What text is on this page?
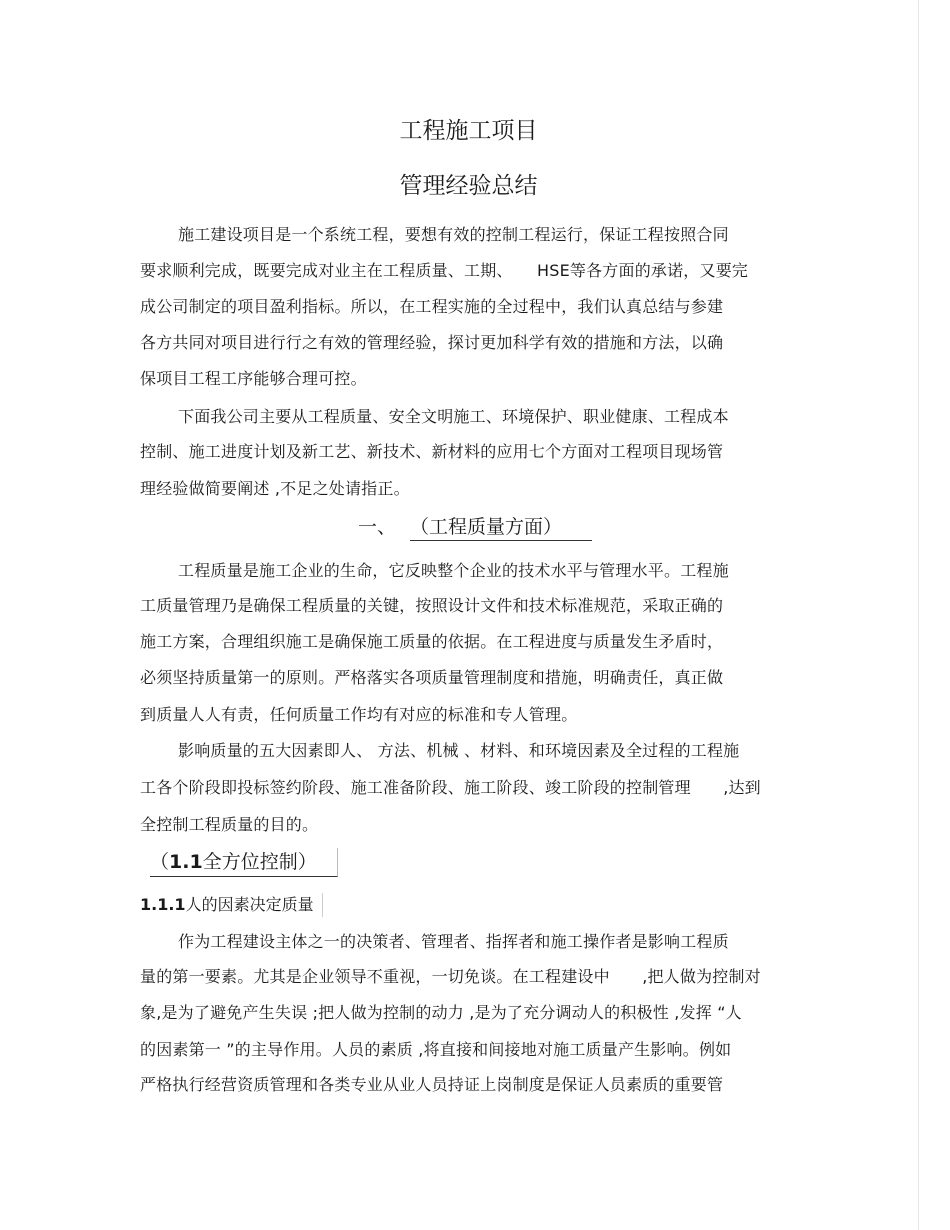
工程施工项目
管理经验总结
施工建设项目是一个系统工程，要想有效的控制工程运行，保证工程按照合同
要求顺利完成，既要完成对业主在工程质量、工期、　　HSE等各方面的承诺，又要完
成公司制定的项目盈利指标。所以，在工程实施的全过程中，我们认真总结与参建
各方共同对项目进行行之有效的管理经验，探讨更加科学有效的措施和方法，以确
保项目工程工序能够合理可控。
下面我公司主要从工程质量、安全文明施工、环境保护、职业健康、工程成本
控制、施工进度计划及新工艺、新技术、新材料的应用七个方面对工程项目现场管
理经验做简要阐述 ,不足之处请指正。
一、 （工程质量方面）
工程质量是施工企业的生命，它反映整个企业的技术水平与管理水平。工程施
工质量管理乃是确保工程质量的关键，按照设计文件和技术标准规范，采取正确的
施工方案，合理组织施工是确保施工质量的依据。在工程进度与质量发生矛盾时，
必须坚持质量第一的原则。严格落实各项质量管理制度和措施，明确责任，真正做
到质量人人有责，任何质量工作均有对应的标准和专人管理。
影响质量的五大因素即人、 方法、机械 、材料、和环境因素及全过程的工程施
工各个阶段即投标签约阶段、施工准备阶段、施工阶段、竣工阶段的控制管理　　,达到
全控制工程质量的目的。
（1.1全方位控制）
1.1.1人的因素决定质量
作为工程建设主体之一的决策者、管理者、指挥者和施工操作者是影响工程质
量的第一要素。尤其是企业领导不重视，一切免谈。在工程建设中　　,把人做为控制对
象,是为了避免产生失误 ;把人做为控制的动力 ,是为了充分调动人的积极性 ,发挥 “人
的因素第一 ”的主导作用。人员的素质 ,将直接和间接地对施工质量产生影响。例如
严格执行经营资质管理和各类专业从业人员持证上岗制度是保证人员素质的重要管
